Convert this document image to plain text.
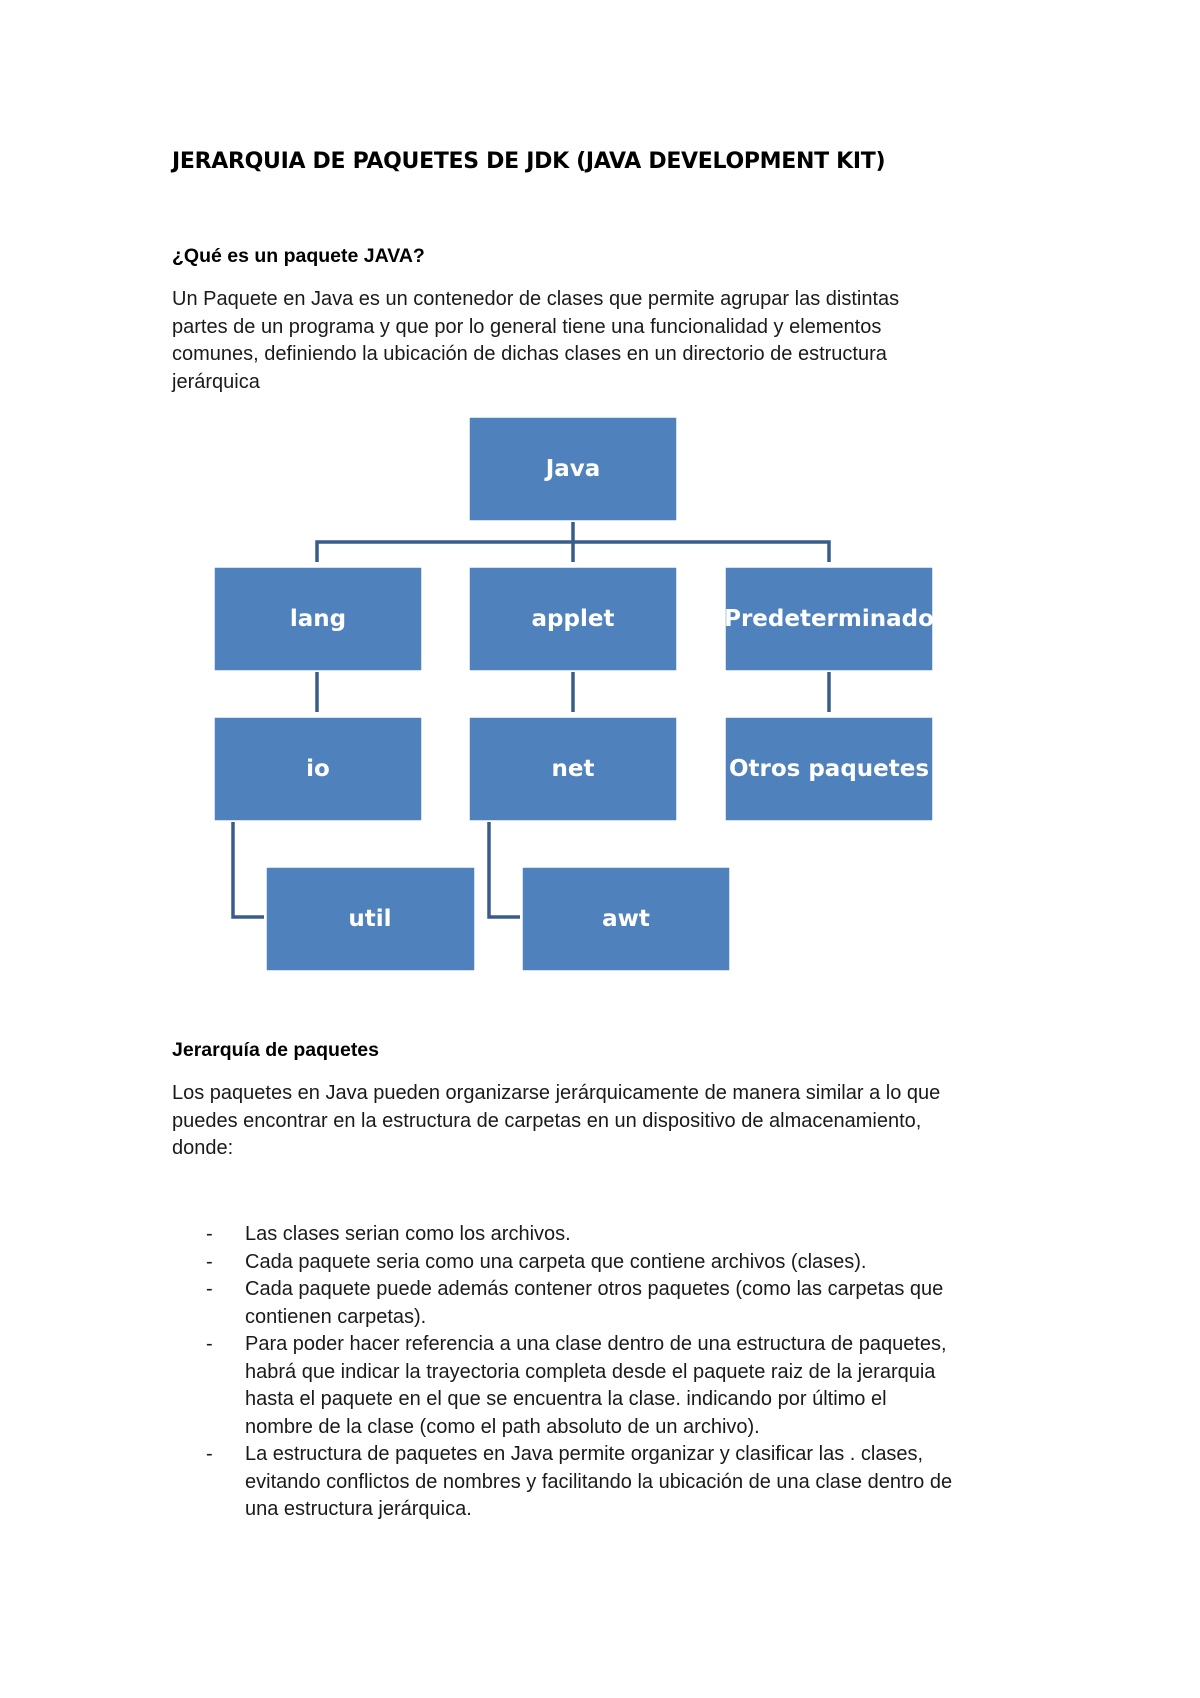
JERARQUIA DE PAQUETES DE JDK (JAVA DEVELOPMENT KIT)
¿Qué es un paquete JAVA?
Un Paquete en Java es un contenedor de clases que permite agrupar las distintas
partes de un programa y que por lo general tiene una funcionalidad y elementos
comunes, definiendo la ubicación de dichas clases en un directorio de estructura
jerárquica
Java
lang	applet	Predeterminado
io	net	Otros paquetes
util	awt
Jerarquía de paquetes
Los paquetes en Java pueden organizarse jerárquicamente de manera similar a lo que
puedes encontrar en la estructura de carpetas en un dispositivo de almacenamiento,
donde:
- Las clases serian como los archivos.
- Cada paquete seria como una carpeta que contiene archivos (clases).
- Cada paquete puede además contener otros paquetes (como las carpetas que
contienen carpetas).
- Para poder hacer referencia a una clase dentro de una estructura de paquetes,
habrá que indicar la trayectoria completa desde el paquete raiz de la jerarquia
hasta el paquete en el que se encuentra la clase. indicando por último el
nombre de la clase (como el path absoluto de un archivo).
- La estructura de paquetes en Java permite organizar y clasificar las . clases,
evitando conflictos de nombres y facilitando la ubicación de una clase dentro de
una estructura jerárquica.
